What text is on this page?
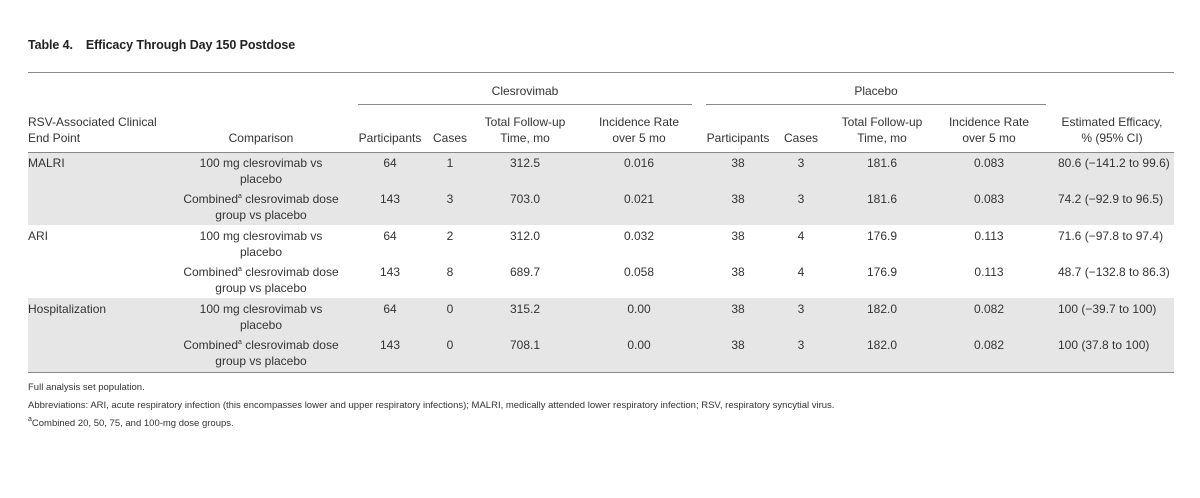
Table 4. Efficacy Through Day 150 Postdose
Clesrovimab	Placebo
RSV-Associated Clinical
End Point	Comparison	Participants Cases
Total Follow-up
Time, mo
Incidence Rate
over 5 mo	Participants	Cases
Total Follow-up
Time, mo
Incidence Rate
over 5 mo
Estimated Efficacy,
% (95% CI)
MALRI	100 mg clesrovimab vs
placebo
64	1	312.5	0.016	38	3	181.6	0.083	80.6 (−141.2 to 99.6)
Combined$^a$ clesrovimab dose
group vs placebo
143	3	703.0	0.021	38	3	181.6	0.083	74.2 (−92.9 to 96.5)
ARI	100 mg clesrovimab vs
placebo
64	2	312.0	0.032	38	4	176.9	0.113	71.6 (−97.8 to 97.4)
Combined$^a$ clesrovimab dose
group vs placebo
143	8	689.7	0.058	38	4	176.9	0.113	48.7 (−132.8 to 86.3)
Hospitalization	100 mg clesrovimab vs
placebo
64	0	315.2	0.00	38	3	182.0	0.082	100 (−39.7 to 100)
Combined$^a$ clesrovimab dose
group vs placebo
143	0	708.1	0.00	38	3	182.0	0.082	100 (37.8 to 100)
Full analysis set population.
Abbreviations: ARI, acute respiratory infection (this encompasses lower and upper respiratory infections); MALRI, medically attended lower respiratory infection; RSV, respiratory syncytial virus.
$^a$Combined 20, 50, 75, and 100-mg dose groups.
